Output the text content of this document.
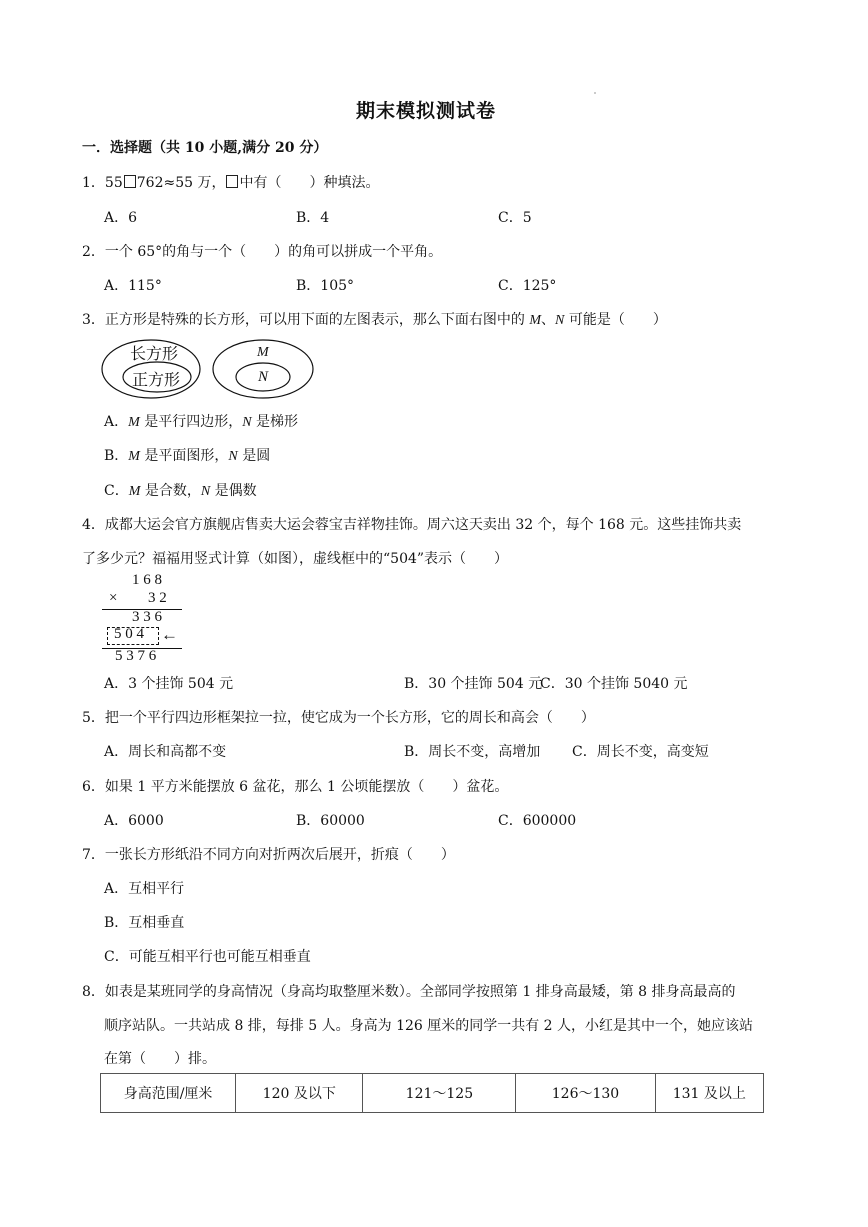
期末模拟测试卷
一．选择题（共 10 小题,满分 20 分）
1．55 762≈55 万， 中有（　　）种填法。
A．6	B．4	C．5
2．一个 65°的角与一个（　　）的角可以拼成一个平角。
A．115°	B．105°	C．125°
3．正方形是特殊的长方形，可以用下面的左图表示，那么下面右图中的 M、N 可能是（　　）
长方形
正方形
M
N
A．M 是平行四边形，N 是梯形
B．M 是平面图形，N 是圆
C．M 是合数，N 是偶数
4．成都大运会官方旗舰店售卖大运会蓉宝吉祥物挂饰。周六这天卖出 32 个，每个 168 元。这些挂饰共卖
了多少元？福福用竖式计算（如图），虚线框中的“504”表示（　　）
1 6 8
× 3 2
3 3 6
5 0 4 ←
5 3 7 6
A．3 个挂饰 504 元	B．30 个挂饰 504 元
C．30 个挂饰 5040 元
5．把一个平行四边形框架拉一拉，使它成为一个长方形，它的周长和高会（　　）
A．周长和高都不变	B．周长不变，高增加 C．周长不变，高变短
6．如果 1 平方米能摆放 6 盆花，那么 1 公顷能摆放（　　）盆花。
A．6000	B．60000	C．600000
7．一张长方形纸沿不同方向对折两次后展开，折痕（　　）
A．互相平行
B．互相垂直
C．可能互相平行也可能互相垂直
8．如表是某班同学的身高情况（身高均取整厘米数）。全部同学按照第 1 排身高最矮，第 8 排身高最高的
顺序站队。一共站成 8 排，每排 5 人。身高为 126 厘米的同学一共有 2 人，小红是其中一个，她应该站
在第（　　）排。
身高范围/厘米	120 及以下	121～125	126～130	131 及以上
